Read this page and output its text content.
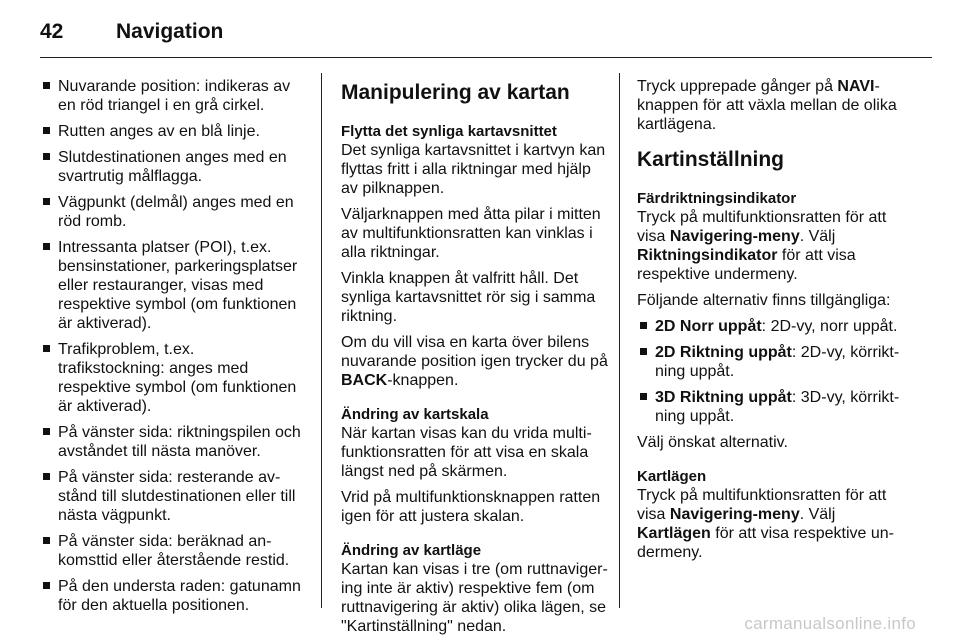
42	Navigation
Nuvarande position: indikeras av en röd triangel i en grå cirkel.
Rutten anges av en blå linje.
Slutdestinationen anges med en svartrutig målflagga.
Vägpunkt (delmål) anges med en röd romb.
Intressanta platser (POI), t.ex. bensinstationer, parkeringsplatser eller restauranger, visas med respektive symbol (om funktionen är aktiverad).
Trafikproblem, t.ex. trafikstockning: anges med respektive symbol (om funktionen är aktiverad).
På vänster sida: riktningspilen och avståndet till nästa manöver.
På vänster sida: resterande avstånd till slutdestinationen eller till nästa vägpunkt.
På vänster sida: beräknad ankomsttid eller återstående restid.
På den understa raden: gatunamn för den aktuella positionen.
Manipulering av kartan
Flytta det synliga kartavsnittet

Det synliga kartavsnittet i kartvyn kan flyttas fritt i alla riktningar med hjälp av pilknappen.

Väljarknappen med åtta pilar i mitten av multifunktionsratten kan vinklas i alla riktningar.

Vinkla knappen åt valfritt håll. Det synliga kartavsnittet rör sig i samma riktning.

Om du vill visa en karta över bilens nuvarande position igen trycker du på BACK-knappen.

Ändring av kartskala

När kartan visas kan du vrida multifunktionsratten för att visa en skala längst ned på skärmen.

Vrid på multifunktionsknappen ratten igen för att justera skalan.

Ändring av kartläge

Kartan kan visas i tre (om ruttnavigering inte är aktiv) respektive fem (om ruttnavigering är aktiv) olika lägen, se "Kartinställning" nedan.

Tryck upprepade gånger på NAVI-knappen för att växla mellan de olika kartlägena.

Kartinställning
Färdriktningsindikator

Tryck på multifunktionsratten för att visa Navigering-meny. Välj Riktningsindikator för att visa respektive undermeny.

Följande alternativ finns tillgängliga:

2D Norr uppåt: 2D-vy, norr uppåt.
2D Riktning uppåt: 2D-vy, körriktning uppåt.
3D Riktning uppåt: 3D-vy, körriktning uppåt.

Välj önskat alternativ.

Kartlägen

Tryck på multifunktionsratten för att visa Navigering-meny. Välj Kartlägen för att visa respektive undermeny.

carmanualsonline.info
